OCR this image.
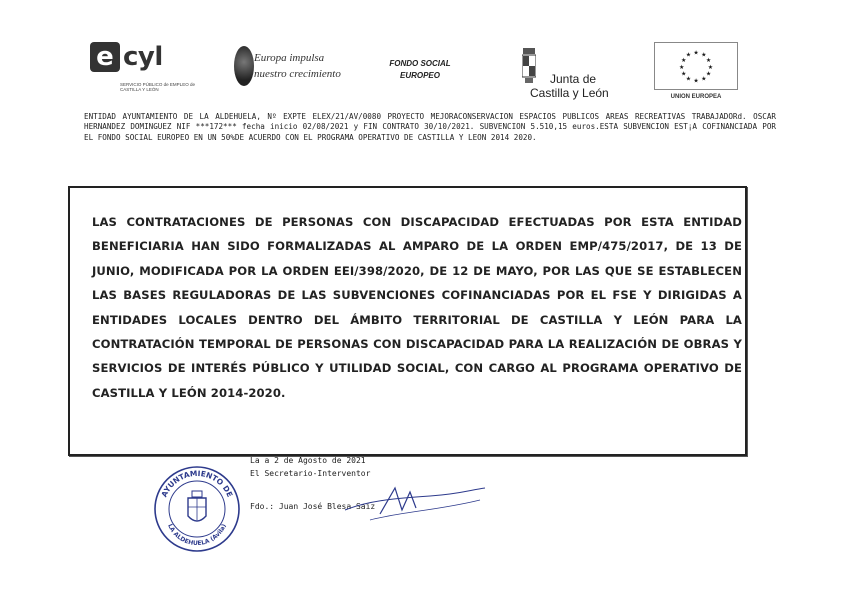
e cyl
SERVICIO PÚBLICO de EMPLEO de CASTILLA Y LEÓN
Europa impulsa
nuestro crecimiento
FONDO SOCIAL
EUROPEO	Junta de
Castilla y León
★ ★
★
★
★
★
★
★
★
★
★
★
UNION EUROPEA
ENTIDAD AYUNTAMIENTO DE LA ALDEHUELA, Nº EXPTE ELEX/21/AV/0080 PROYECTO MEJORACONSERVACION ESPACIOS PUBLICOS AREAS RECREATIVAS TRABAJADORd. OSCAR HERNANDEZ DOMINGUEZ NIF ***172*** fecha inicio 02/08/2021 y FIN CONTRATO 30/10/2021. SUBVENCION 5.510,15 euros.ESTA SUBVENCION EST¡A COFINANCIADA POR EL FONDO SOCIAL EUROPEO EN UN 50%DE ACUERDO CON EL PROGRAMA OPERATIVO DE CASTILLA Y LEON 2014 2020.
LAS CONTRATACIONES DE PERSONAS CON DISCAPACIDAD EFECTUADAS POR ESTA ENTIDAD BENEFICIARIA HAN SIDO FORMALIZADAS AL AMPARO DE LA ORDEN EMP/475/2017, DE 13 DE JUNIO, MODIFICADA POR LA ORDEN EEI/398/2020, DE 12 DE MAYO, POR LAS QUE SE ESTABLECEN LAS BASES REGULADORAS DE LAS SUBVENCIONES COFINANCIADAS POR EL FSE Y DIRIGIDAS A ENTIDADES LOCALES DENTRO DEL ÁMBITO TERRITORIAL DE CASTILLA Y LEÓN PARA LA CONTRATACIÓN TEMPORAL DE PERSONAS CON DISCAPACIDAD PARA LA REALIZACIÓN DE OBRAS Y SERVICIOS DE INTERÉS PÚBLICO Y UTILIDAD SOCIAL, CON CARGO AL PROGRAMA OPERATIVO DE CASTILLA Y LEÓN 2014-2020.
AYUNTAMIENTO DE
LA ALDEHUELA (Avila)
La a 2 de Agosto de 2021
El Secretario-Interventor
Fdo.: Juan José Blesa Saiz
